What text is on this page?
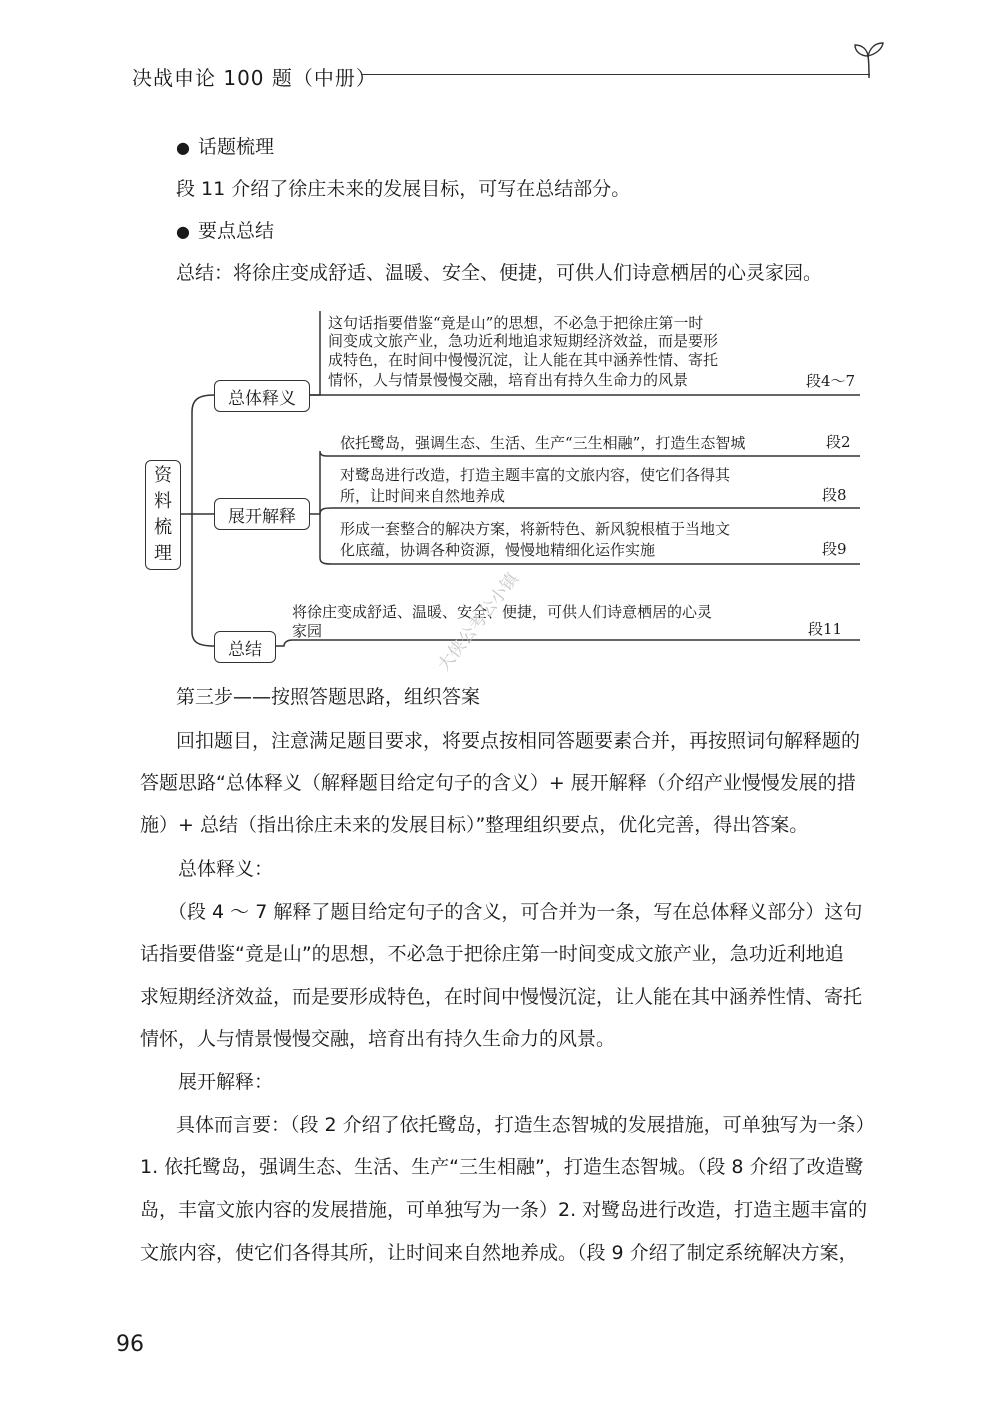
决战申论 100 题（中册）
● 话题梳理
段 11 介绍了徐庄未来的发展目标，可写在总结部分。
● 要点总结
总结：将徐庄变成舒适、温暖、安全、便捷，可供人们诗意栖居的心灵家园。
资
料
梳
理
总体释义
展开解释
总结
这句话指要借鉴“竟是山”的思想，不必急于把徐庄第一时
间变成文旅产业，急功近利地追求短期经济效益，而是要形
成特色，在时间中慢慢沉淀，让人能在其中涵养性情、寄托
情怀，人与情景慢慢交融，培育出有持久生命力的风景	段4～7
依托鹭岛，强调生态、生活、生产“三生相融”，打造生态智城	段2
对鹭岛进行改造，打造主题丰富的文旅内容，使它们各得其
所，让时间来自然地养成	段8
形成一套整合的解决方案，将新特色、新风貌根植于当地文
化底蕴，协调各种资源，慢慢地精细化运作实施	段9
将徐庄变成舒适、温暖、安全、便捷，可供人们诗意栖居的心灵
家园	段11
大侠公考公小镇
第三步——按照答题思路，组织答案
回扣题目，注意满足题目要求，将要点按相同答题要素合并，再按照词句解释题的
答题思路“总体释义（解释题目给定句子的含义）+ 展开解释（介绍产业慢慢发展的措
施）+ 总结（指出徐庄未来的发展目标）”整理组织要点，优化完善，得出答案。
总体释义：
（段 4 ～ 7 解释了题目给定句子的含义，可合并为一条，写在总体释义部分）这句
话指要借鉴“竟是山”的思想，不必急于把徐庄第一时间变成文旅产业，急功近利地追
求短期经济效益，而是要形成特色，在时间中慢慢沉淀，让人能在其中涵养性情、寄托
情怀，人与情景慢慢交融，培育出有持久生命力的风景。
展开解释：
具体而言要：（段 2 介绍了依托鹭岛，打造生态智城的发展措施，可单独写为一条）
1. 依托鹭岛，强调生态、生活、生产“三生相融”，打造生态智城。（段 8 介绍了改造鹭
岛，丰富文旅内容的发展措施，可单独写为一条）2. 对鹭岛进行改造，打造主题丰富的
文旅内容，使它们各得其所，让时间来自然地养成。（段 9 介绍了制定系统解决方案，
96
